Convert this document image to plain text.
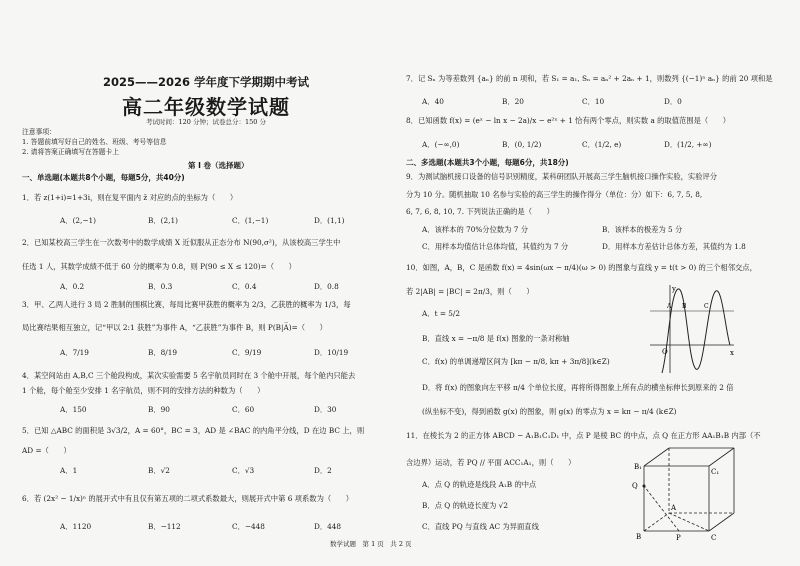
2025——2026 学年度下学期期中考试
高二年级数学试题
考试时间：120 分钟；试卷总分：150 分
注意事项：
1. 答题前填写好自己的姓名、班级、考号等信息
2. 请将答案正确填写在答题卡上
第 I 卷（选择题）
一、单选题(本题共8个小题，每题5分，共40分)
1．若 z(1+i)=1+3i，则在复平面内 z̄ 对应的点的坐标为（　　）
A．(2,−1)	B．(2,1)	C．(1,−1)	D．(1,1)
2．已知某校高三学生在一次数考中的数学成绩 X 近似服从正态分布 N(90,σ²)，从该校高三学生中
任选 1 人，其数学成绩不低于 60 分的概率为 0.8，则 P(90 ≤ X ≤ 120)=（　　）
A．0.2	B．0.3	C．0.4	D．0.8
3．甲、乙两人进行 3 局 2 胜制的围棋比赛，每局比赛甲获胜的概率为 2/3，乙获胜的概率为 1/3，每
局比赛结果相互独立，记“甲以 2:1 获胜”为事件 A，“乙获胜”为事件 B，则 P(B|A̅)=（　　）
A．7/19	B．8/19	C．9/19	D．10/19
4．某空间站由 A,B,C 三个舱段构成，某次实验需要 5 名宇航员同时在 3 个舱中开展，每个舱内只能去
1 个舱，每个舱至少安排 1 名宇航员，则不同的安排方法的种数为（　　）
A．150	B．90	C．60	D．30
5．已知 △ABC 的面积是 3√3/2，A = 60°，BC = 3，AD 是 ∠BAC 的内角平分线，D 在边 BC 上，则
AD =（　　）
A．1	B．√2	C．√3	D．2
6．若 (2x² − 1/x)ⁿ 的展开式中有且仅有第五项的二项式系数最大，则展开式中第 6 项系数为（　　）
A．1120	B．−112	C．−448	D．448
7．记 Sₙ 为等差数列 {aₙ} 的前 n 项和，若 S₁ = a₁, Sₙ = aₙ² + 2aₙ + 1，则数列 {(−1)ⁿ aₙ} 的前 20 项和是
A．40	B．20	C．10	D．0
8．已知函数 f(x) = (eˣ − ln x − 2a)/x − e²ˣ + 1 恰有两个零点，则实数 a 的取值范围是（　　）
A．(−∞,0)	B．(0, 1/2)	C．(1/2, e)	D．(1/2, +∞)
二、多选题(本题共3个小题，每题6分，共18分)
9．为测试脑机接口设备的信号识别精度，某科研团队开展高三学生脑机接口操作实验，实验评分
分为 10 分。随机抽取 10 名参与实验的高三学生的操作得分（单位：分）如下：6, 7, 5, 8,
6, 7, 6, 8, 10, 7. 下列说法正确的是（　　）
A．该样本的 70%分位数为 7 分	B．该样本的极差为 5 分
C．用样本均值估计总体均值，其值约为 7 分	D．用样本方差估计总体方差，其值约为 1.8
10．如图，A，B，C 是函数 f(x) = 4sin(ωx − π/4)(ω > 0) 的图象与直线 y = t(t > 0) 的三个相邻交点，
若 2|AB| = |BC| = 2π/3，则（　　）
A．t = 5/2
B．直线 x = −π/8 是 f(x) 图象的一条对称轴
C．f(x) 的单调递增区间为 [kπ − π/8, kπ + 3π/8](k∈Z)
D．将 f(x) 的图象向左平移 π/4 个单位长度，再将所得图象上所有点的横坐标伸长到原来的 2 倍
(纵坐标不变)，得到函数 g(x) 的图象，则 g(x) 的零点为 x = kπ − π/4 (k∈Z)
y
x
O
A B	C
11．在棱长为 2 的正方体 ABCD − A₁B₁C₁D₁ 中，点 P 是棱 BC 的中点，点 Q 在正方形 AA₁B₁B 内部（不
含边界）运动，若 PQ // 平面 ACC₁A₁，则（　　）
A．点 Q 的轨迹是线段 A₁B 的中点
B．点 Q 的轨迹长度为 √2
C．直线 PQ 与直线 AC 为异面直线
B₁
C₁
Q
A
B	P	C
数学试题　第 1 页　共 2 页
